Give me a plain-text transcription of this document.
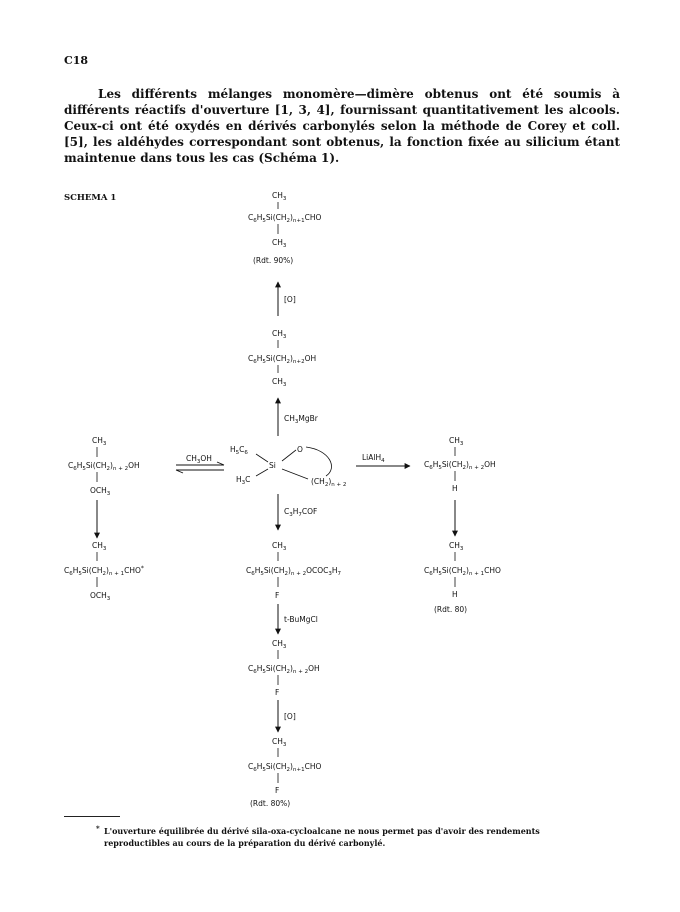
C18

Les différents mélanges monomère—dimère obtenus ont été soumis à différents réactifs d'ouverture [1, 3, 4], fournissant quantitativement les alcools. Ceux-ci ont été oxydés en dérivés carbonylés selon la méthode de Corey et coll. [5], les aldéhydes correspondant sont obtenus, la fonction fixée au silicium étant maintenue dans tous les cas (Schéma 1).

SCHEMA 1	$CH_3$
$C_6H_5Si(CH_2)_{n+1}CHO$
$CH_3$
(Rdt. 90%)
[O]
$CH_3$
$C_6H_5Si(CH_2)_{n+2}OH$
$CH_3$
$CH_3MgBr$
$H_5C_6$	O
Si
$H_3C$	$(CH_2)_{n + 2}$
$CH_3$
$C_6H_5Si(CH_2)_{n + 2}OH$
$OCH_3$
$CH_3OH$	LiAlH$_4$
$CH_3$
$C_6H_5Si(CH_2)_{n + 2}OH$
H
$C_3H_7COF$
$CH_3$
$C_6H_5Si(CH_2)_{n + 1}CHO^*$
$OCH_3$
$CH_3$
$C_6H_5Si(CH_2)_{n + 2}OCOC_3H_7$
F
$CH_3$
$C_6H_5Si(CH_2)_{n + 1}CHO$
H
(Rdt. 80)
t-BuMgCl
$CH_3$
$C_6H_5Si(CH_2)_{n + 2}OH$
F
[O]
$CH_3$
$C_6H_5Si(CH_2)_{n+1}CHO$
F
(Rdt. 80%)
* L'ouverture équilibrée du dérivé sila-oxa-cycloalcane ne nous permet pas d'avoir des rendements reproductibles au cours de la préparation du dérivé carbonylé.
